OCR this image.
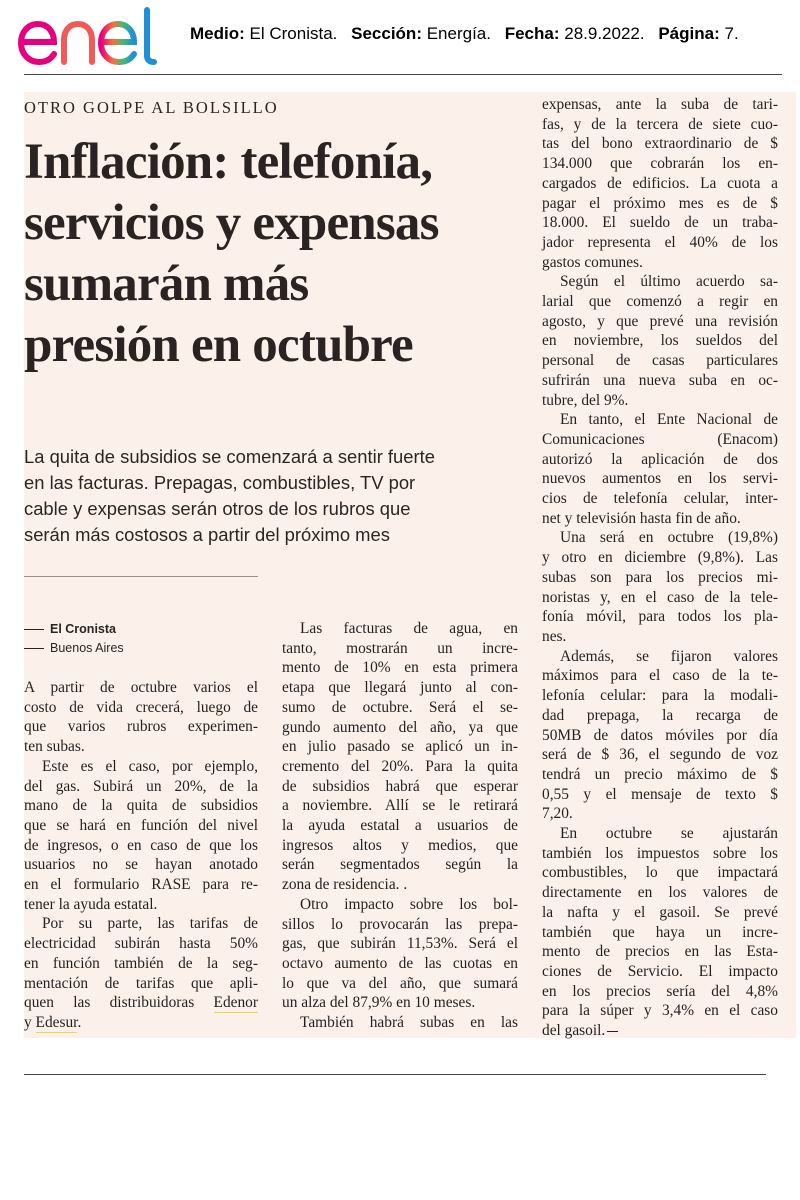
Medio: El Cronista. Sección: Energía. Fecha: 28.9.2022. Página: 7.
OTRO GOLPE AL BOLSILLO
Inflación: telefonía,
servicios y expensas
sumarán más
presión en octubre
La quita de subsidios se comenzará a sentir fuerte
en las facturas. Prepagas, combustibles, TV por
cable y expensas serán otros de los rubros que
serán más costosos a partir del próximo mes
El Cronista
Buenos Aires
A partir de octubre varios el
costo de vida crecerá, luego de
que varios rubros experimen-
ten subas.
Este es el caso, por ejemplo,
del gas. Subirá un 20%, de la
mano de la quita de subsidios
que se hará en función del nivel
de ingresos, o en caso de que los
usuarios no se hayan anotado
en el formulario RASE para re-
tener la ayuda estatal.
Por su parte, las tarifas de
electricidad subirán hasta 50%
en función también de la seg-
mentación de tarifas que apli-
quen las distribuidoras Edenor
y Edesur.
Las facturas de agua, en
tanto, mostrarán un incre-
mento de 10% en esta primera
etapa que llegará junto al con-
sumo de octubre. Será el se-
gundo aumento del año, ya que
en julio pasado se aplicó un in-
cremento del 20%. Para la quita
de subsidios habrá que esperar
a noviembre. Allí se le retirará
la ayuda estatal a usuarios de
ingresos altos y medios, que
serán segmentados según la
zona de residencia. .
Otro impacto sobre los bol-
sillos lo provocarán las prepa-
gas, que subirán 11,53%. Será el
octavo aumento de las cuotas en
lo que va del año, que sumará
un alza del 87,9% en 10 meses.
También habrá subas en las
expensas, ante la suba de tari-
fas, y de la tercera de siete cuo-
tas del bono extraordinario de $
134.000 que cobrarán los en-
cargados de edificios. La cuota a
pagar el próximo mes es de $
18.000. El sueldo de un traba-
jador representa el 40% de los
gastos comunes.
Según el último acuerdo sa-
larial que comenzó a regir en
agosto, y que prevé una revisión
en noviembre, los sueldos del
personal de casas particulares
sufrirán una nueva suba en oc-
tubre, del 9%.
En tanto, el Ente Nacional de
Comunicaciones (Enacom)
autorizó la aplicación de dos
nuevos aumentos en los servi-
cios de telefonía celular, inter-
net y televisión hasta fin de año.
Una será en octubre (19,8%)
y otro en diciembre (9,8%). Las
subas son para los precios mi-
noristas y, en el caso de la tele-
fonía móvil, para todos los pla-
nes.
Además, se fijaron valores
máximos para el caso de la te-
lefonía celular: para la modali-
dad prepaga, la recarga de
50MB de datos móviles por día
será de $ 36, el segundo de voz
tendrá un precio máximo de $
0,55 y el mensaje de texto $
7,20.
En octubre se ajustarán
también los impuestos sobre los
combustibles, lo que impactará
directamente en los valores de
la nafta y el gasoil. Se prevé
también que haya un incre-
mento de precios en las Esta-
ciones de Servicio. El impacto
en los precios sería del 4,8%
para la súper y 3,4% en el caso
del gasoil.
